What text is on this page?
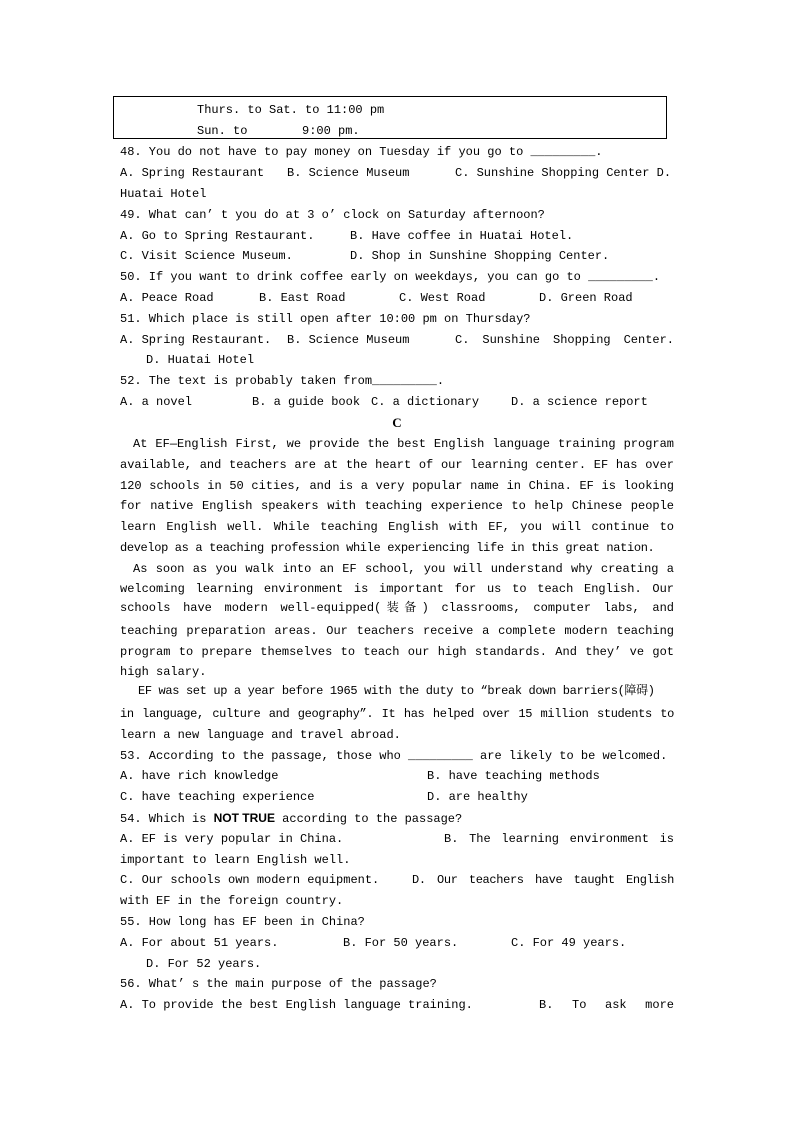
Thurs. to Sat. to 11:00 pm
Sun. to	9:00 pm.
48. You do not have to pay money on Tuesday if you go to _________.
A. Spring Restaurant B. Science Museum	C. Sunshine Shopping Center D.
Huatai Hotel
49. What can’ t you do at 3 o’ clock on Saturday afternoon?
A. Go to Spring Restaurant.	B. Have coffee in Huatai Hotel.
C. Visit Science Museum.	D. Shop in Sunshine Shopping Center.
50. If you want to drink coffee early on weekdays, you can go to _________.
A. Peace Road	B. East Road	C. West Road	D. Green Road
51. Which place is still open after 10:00 pm on Thursday?
A. Spring Restaurant. B. Science Museum	C. Sunshine Shopping Center.
D. Huatai Hotel
52. The text is probably taken from_________.
A. a novel	B. a guide book C. a dictionary	D. a science report
C
At EF—English First, we provide the best English language training program
available, and teachers are at the heart of our learning center. EF has over
120 schools in 50 cities, and is a very popular name in China. EF is looking
for native English speakers with teaching experience to help Chinese people
learn English well. While teaching English with EF, you will continue to
develop as a teaching profession while experiencing life in this great nation.
As soon as you walk into an EF school, you will understand why creating a
welcoming learning environment is important for us to teach English. Our
schools have modern well-equipped(装备) classrooms, computer labs, and
teaching preparation areas. Our teachers receive a complete modern teaching
program to prepare themselves to teach our high standards. And they’ ve got
high salary.
EF was set up a year before 1965 with the duty to “break down barriers(障碍)
in language, culture and geography”. It has helped over 15 million students to
learn a new language and travel abroad.
53. According to the passage, those who _________ are likely to be welcomed.
A. have rich knowledge	B. have teaching methods
C. have teaching experience	D. are healthy
54. Which is NOT TRUE according to the passage?
A. EF is very popular in China.	B. The learning environment is
important to learn English well.
C. Our schools own modern equipment.	D. Our teachers have taught English
with EF in the foreign country.
55. How long has EF been in China?
A. For about 51 years.	B. For 50 years.	C. For 49 years.
D. For 52 years.
56. What’ s the main purpose of the passage?
A. To provide the best English language training.	B. To ask more
